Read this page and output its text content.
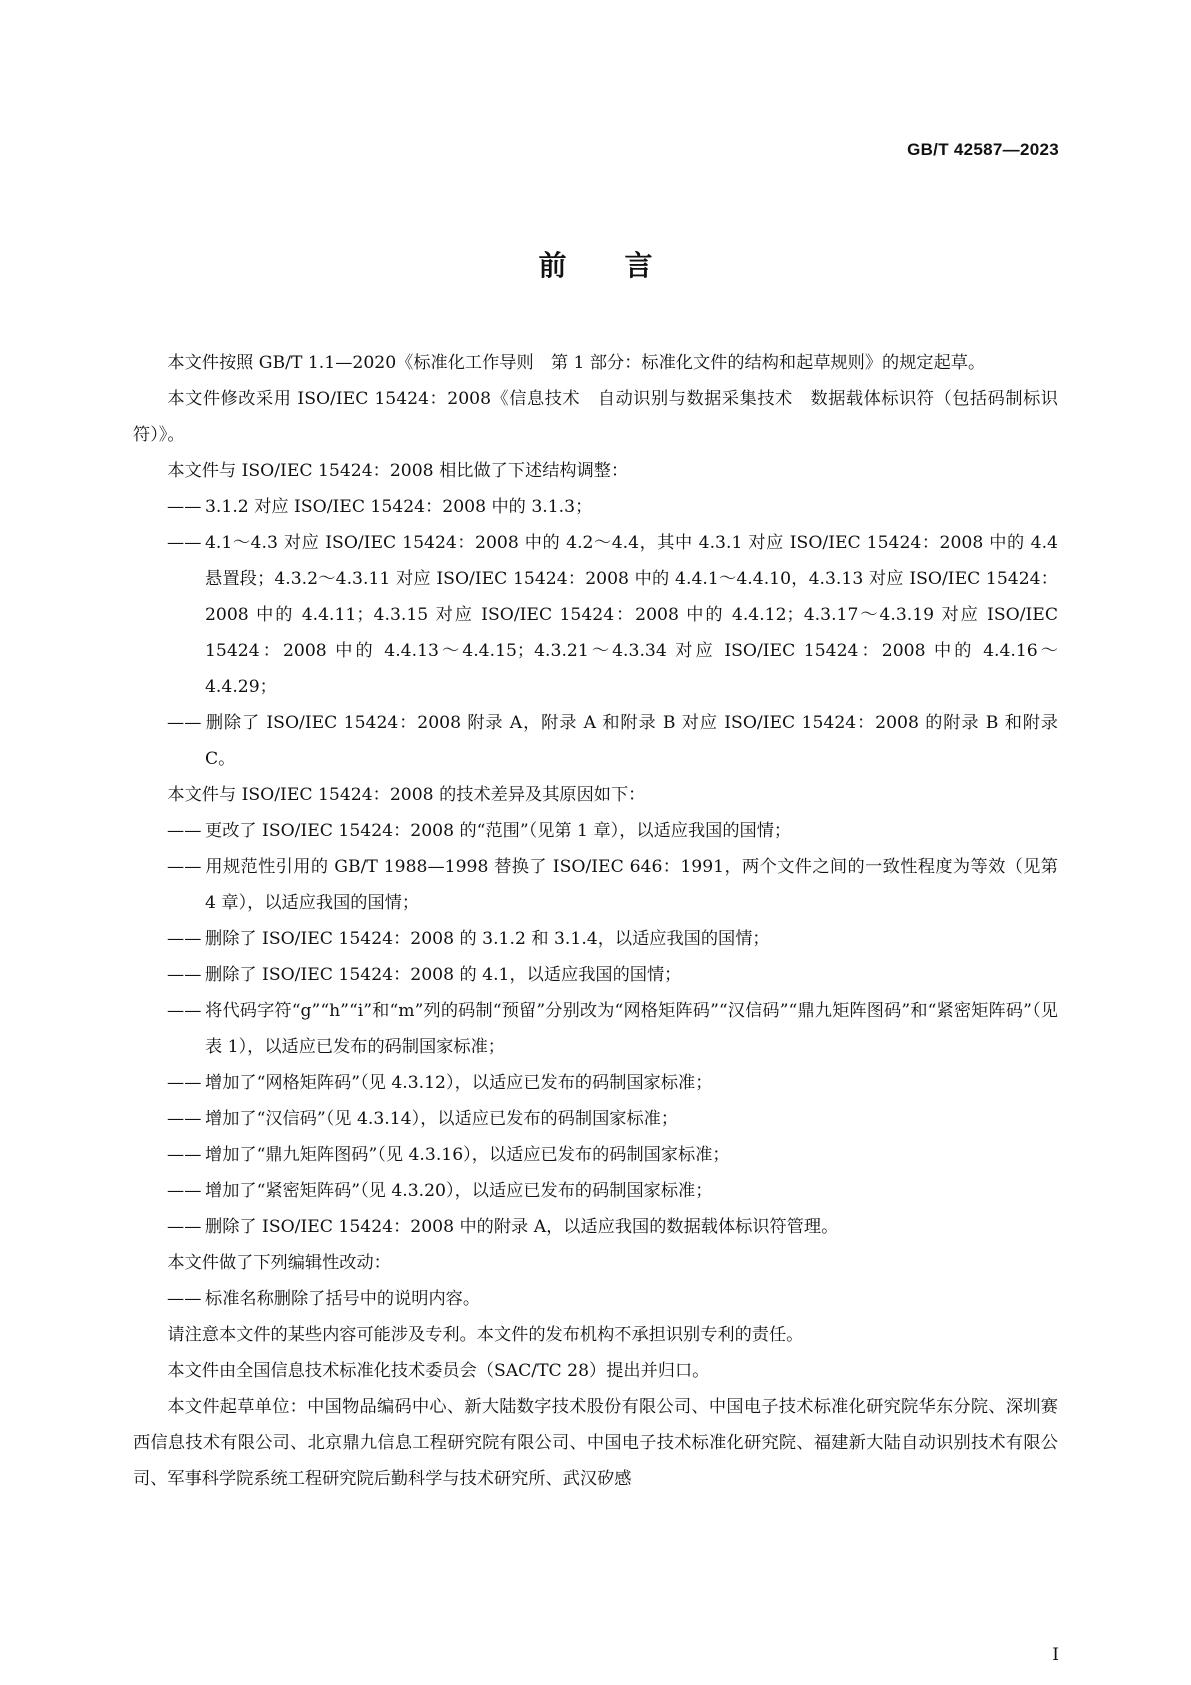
GB/T 42587—2023
前言
本文件按照 GB/T 1.1—2020《标准化工作导则　第 1 部分：标准化文件的结构和起草规则》的规定起草。
本文件修改采用 ISO/IEC 15424：2008《信息技术　自动识别与数据采集技术　数据载体标识符（包括码制标识符）》。
本文件与 ISO/IEC 15424：2008 相比做了下述结构调整：
—— 3.1.2 对应 ISO/IEC 15424：2008 中的 3.1.3；
—— 4.1～4.3 对应 ISO/IEC 15424：2008 中的 4.2～4.4，其中 4.3.1 对应 ISO/IEC 15424：2008 中的 4.4 悬置段；4.3.2～4.3.11 对应 ISO/IEC 15424：2008 中的 4.4.1～4.4.10，4.3.13 对应 ISO/IEC 15424：2008 中的 4.4.11；4.3.15 对应 ISO/IEC 15424：2008 中的 4.4.12；4.3.17～4.3.19 对应 ISO/IEC 15424：2008 中的 4.4.13～4.4.15；4.3.21～4.3.34 对应 ISO/IEC 15424：2008 中的 4.4.16～4.4.29；
—— 删除了 ISO/IEC 15424：2008 附录 A，附录 A 和附录 B 对应 ISO/IEC 15424：2008 的附录 B 和附录 C。
本文件与 ISO/IEC 15424：2008 的技术差异及其原因如下：
—— 更改了 ISO/IEC 15424：2008 的“范围”（见第 1 章），以适应我国的国情；
—— 用规范性引用的 GB/T 1988—1998 替换了 ISO/IEC 646：1991，两个文件之间的一致性程度为等效（见第 4 章），以适应我国的国情；
—— 删除了 ISO/IEC 15424：2008 的 3.1.2 和 3.1.4，以适应我国的国情；
—— 删除了 ISO/IEC 15424：2008 的 4.1，以适应我国的国情；
—— 将代码字符“g”“h”“i”和“m”列的码制“预留”分别改为“网格矩阵码”“汉信码”“鼎九矩阵图码”和“紧密矩阵码”（见表 1），以适应已发布的码制国家标准；
—— 增加了“网格矩阵码”（见 4.3.12），以适应已发布的码制国家标准；
—— 增加了“汉信码”（见 4.3.14），以适应已发布的码制国家标准；
—— 增加了“鼎九矩阵图码”（见 4.3.16），以适应已发布的码制国家标准；
—— 增加了“紧密矩阵码”（见 4.3.20），以适应已发布的码制国家标准；
—— 删除了 ISO/IEC 15424：2008 中的附录 A，以适应我国的数据载体标识符管理。
本文件做了下列编辑性改动：
—— 标准名称删除了括号中的说明内容。
请注意本文件的某些内容可能涉及专利。本文件的发布机构不承担识别专利的责任。
本文件由全国信息技术标准化技术委员会（SAC/TC 28）提出并归口。
本文件起草单位：中国物品编码中心、新大陆数字技术股份有限公司、中国电子技术标准化研究院华东分院、深圳赛西信息技术有限公司、北京鼎九信息工程研究院有限公司、中国电子技术标准化研究院、福建新大陆自动识别技术有限公司、军事科学院系统工程研究院后勤科学与技术研究所、武汉矽感
I
